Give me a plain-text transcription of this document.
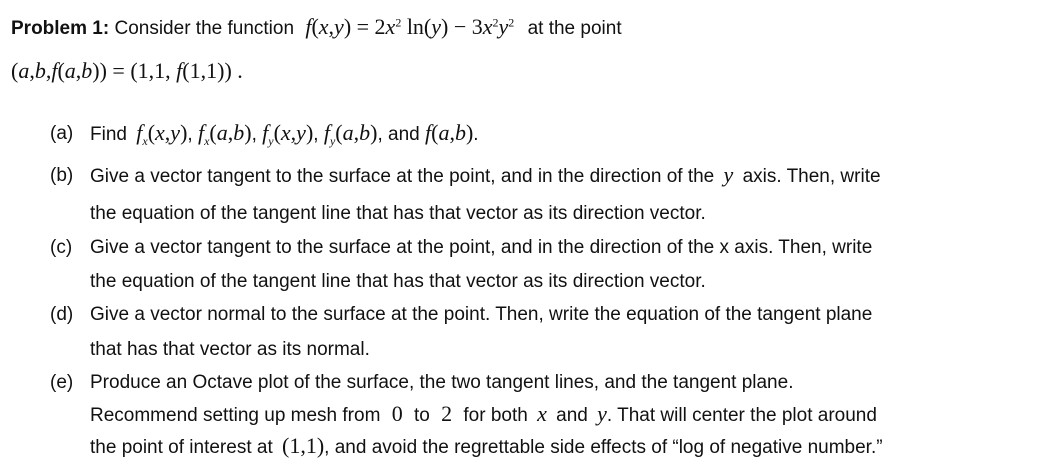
Problem 1: Consider the function $f(x,y) = 2x^2$ $\ln(y) - 3x^2y^2$ at the point
(a,b,f(a,b)) = (1,1, f(1,1)) .
(a) Find $f_x(x,y)$, $f_x(a,b)$, $f_y(x,y)$, $f_y(a,b)$, and f(a,b).
(b) Give a vector tangent to the surface at the point, and in the direction of the y axis. Then, write
the equation of the tangent line that has that vector as its direction vector.
(c) Give a vector tangent to the surface at the point, and in the direction of the x axis. Then, write
the equation of the tangent line that has that vector as its direction vector.
(d) Give a vector normal to the surface at the point. Then, write the equation of the tangent plane
that has that vector as its normal.
(e) Produce an Octave plot of the surface, the two tangent lines, and the tangent plane.
Recommend setting up mesh from 0 to 2 for both x and y. That will center the plot around
the point of interest at (1,1), and avoid the regrettable side effects of “log of negative number.”
